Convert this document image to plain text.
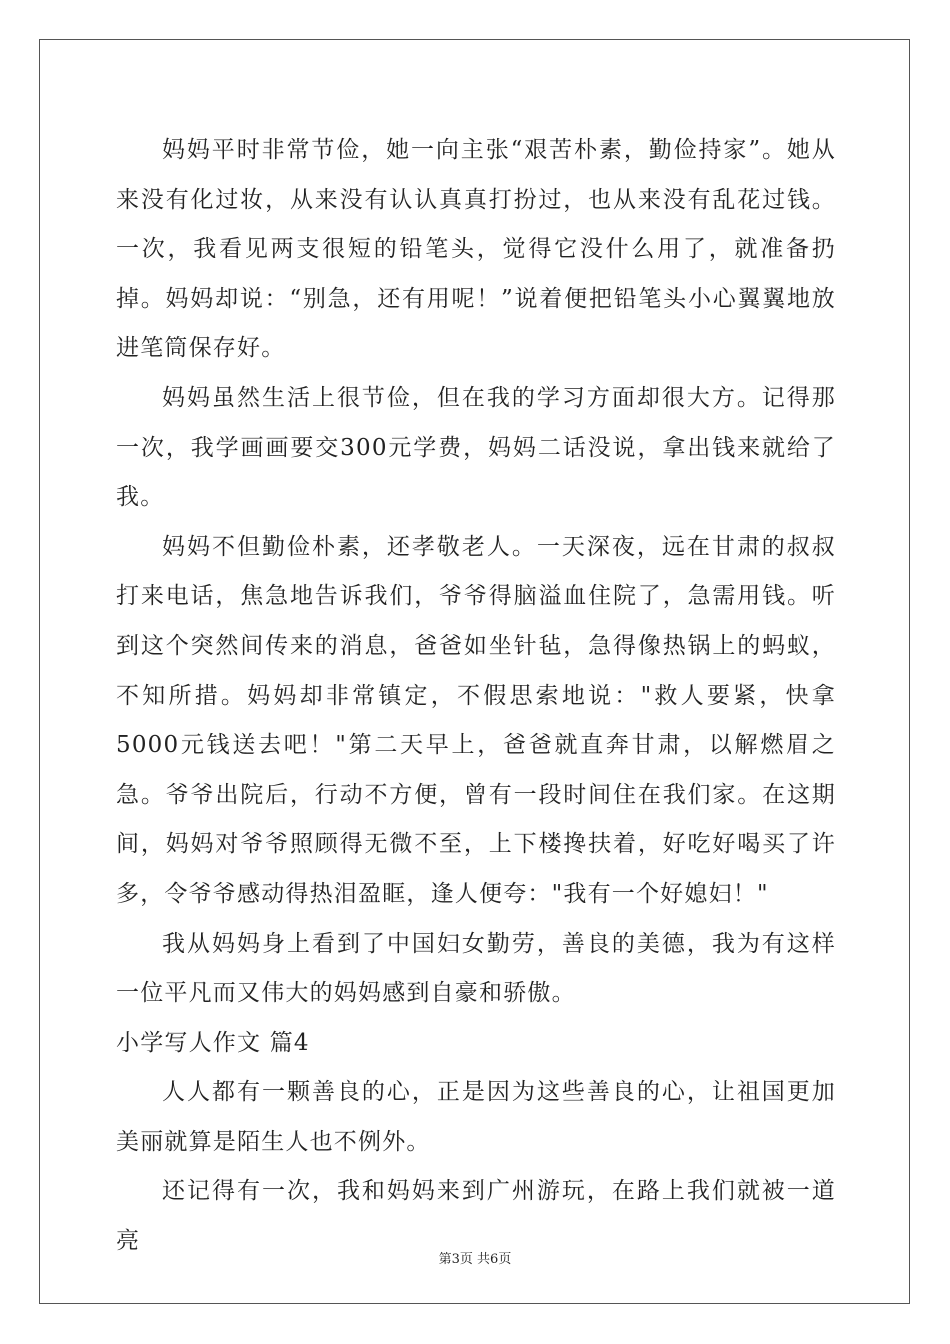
妈妈平时非常节俭，她一向主张“艰苦朴素，勤俭持家”。她从来没有化过妆，从来没有认认真真打扮过，也从来没有乱花过钱。一次，我看见两支很短的铅笔头，觉得它没什么用了，就准备扔掉。妈妈却说：“别急，还有用呢！”说着便把铅笔头小心翼翼地放进笔筒保存好。

妈妈虽然生活上很节俭，但在我的学习方面却很大方。记得那一次，我学画画要交300元学费，妈妈二话没说，拿出钱来就给了我。

妈妈不但勤俭朴素，还孝敬老人。一天深夜，远在甘肃的叔叔打来电话，焦急地告诉我们，爷爷得脑溢血住院了，急需用钱。听到这个突然间传来的消息，爸爸如坐针毡，急得像热锅上的蚂蚁，不知所措。妈妈却非常镇定，不假思索地说："救人要紧，快拿5000元钱送去吧！"第二天早上，爸爸就直奔甘肃，以解燃眉之急。爷爷出院后，行动不方便，曾有一段时间住在我们家。在这期间，妈妈对爷爷照顾得无微不至，上下楼搀扶着，好吃好喝买了许多，令爷爷感动得热泪盈眶，逢人便夸："我有一个好媳妇！"

我从妈妈身上看到了中国妇女勤劳，善良的美德，我为有这样一位平凡而又伟大的妈妈感到自豪和骄傲。

小学写人作文 篇4

人人都有一颗善良的心，正是因为这些善良的心，让祖国更加美丽就算是陌生人也不例外。

还记得有一次，我和妈妈来到广州游玩，在路上我们就被一道亮

第3页 共6页
